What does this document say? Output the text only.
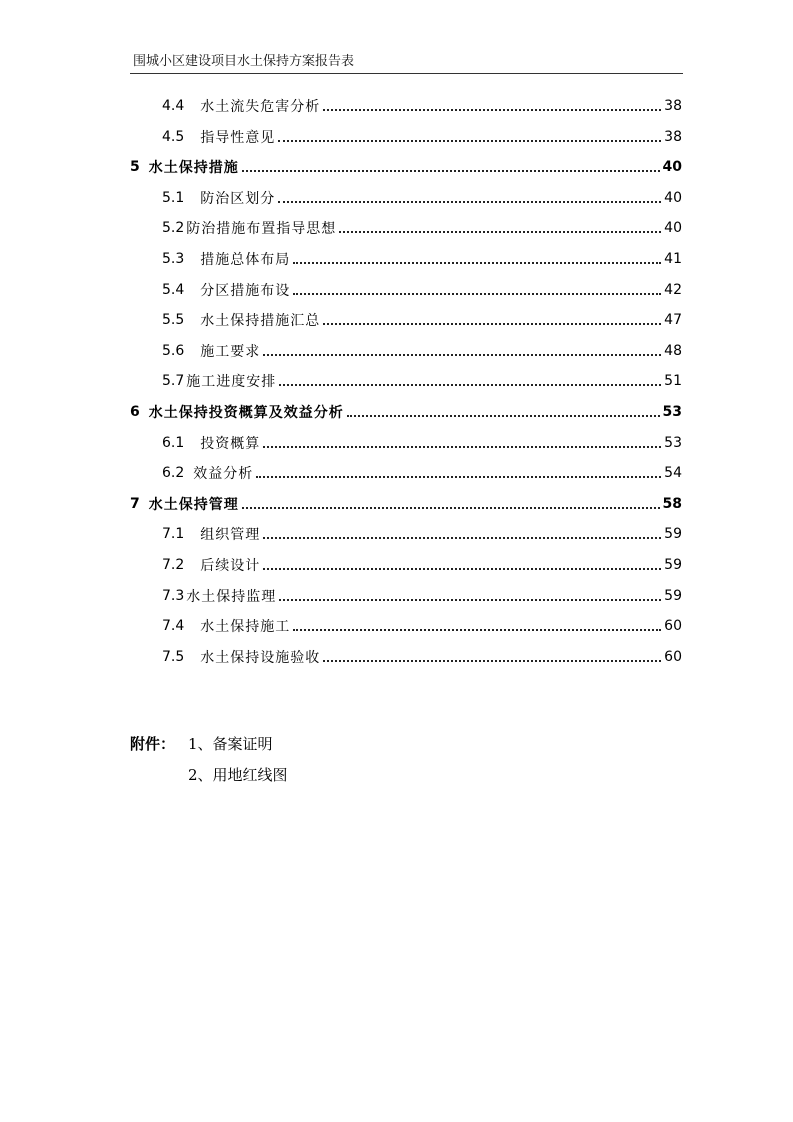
围城小区建设项目水土保持方案报告表
4.4 水土流失危害分析	38
4.5 指导性意见	38
5 水土保持措施	40
5.1 防治区划分	40
5.2 防治措施布置指导思想	40
5.3 措施总体布局	41
5.4 分区措施布设	42
5.5 水土保持措施汇总	47
5.6 施工要求	48
5.7 施工进度安排	51
6 水土保持投资概算及效益分析	53
6.1 投资概算	53
6.2 效益分析	54
7 水土保持管理	58
7.1 组织管理	59
7.2 后续设计	59
7.3 水土保持监理	59
7.4 水土保持施工	60
7.5 水土保持设施验收	60
附件： 1、备案证明
2、用地红线图
